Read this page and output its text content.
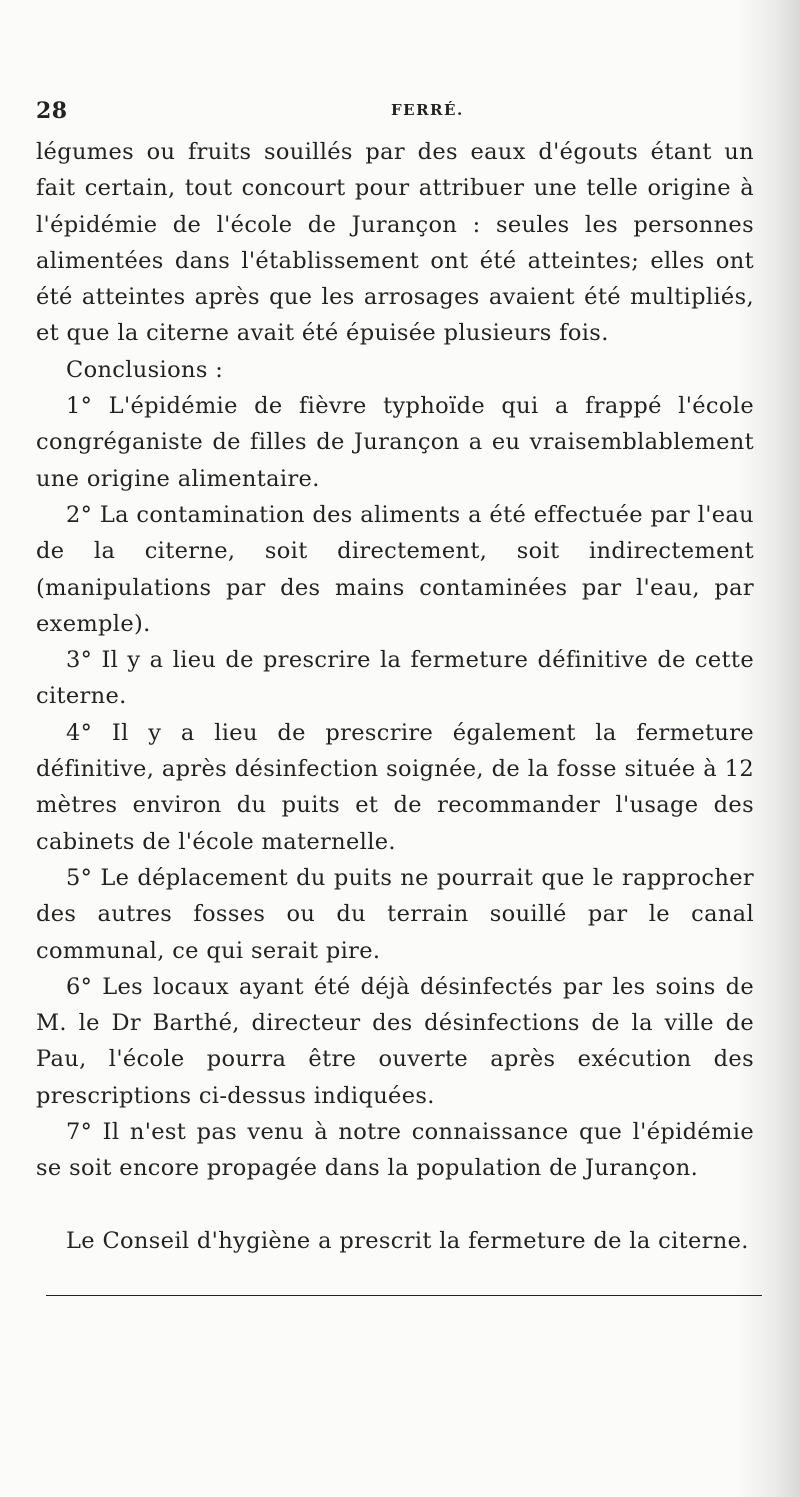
28	FERRÉ.

légumes ou fruits souillés par des eaux d'égouts étant un fait certain, tout concourt pour attribuer une telle origine à l'épidémie de l'école de Jurançon : seules les personnes alimentées dans l'établissement ont été atteintes; elles ont été atteintes après que les arrosages avaient été multipliés, et que la citerne avait été épuisée plusieurs fois.

Conclusions :

1° L'épidémie de fièvre typhoïde qui a frappé l'école congréganiste de filles de Jurançon a eu vraisemblablement une origine alimentaire.

2° La contamination des aliments a été effectuée par l'eau de la citerne, soit directement, soit indirectement (manipulations par des mains contaminées par l'eau, par exemple).

3° Il y a lieu de prescrire la fermeture définitive de cette citerne.

4° Il y a lieu de prescrire également la fermeture définitive, après désinfection soignée, de la fosse située à 12 mètres environ du puits et de recommander l'usage des cabinets de l'école maternelle.

5° Le déplacement du puits ne pourrait que le rapprocher des autres fosses ou du terrain souillé par le canal communal, ce qui serait pire.

6° Les locaux ayant été déjà désinfectés par les soins de M. le Dr Barthé, directeur des désinfections de la ville de Pau, l'école pourra être ouverte après exécution des prescriptions ci-dessus indiquées.

7° Il n'est pas venu à notre connaissance que l'épidémie se soit encore propagée dans la population de Jurançon.

Le Conseil d'hygiène a prescrit la fermeture de la citerne.
